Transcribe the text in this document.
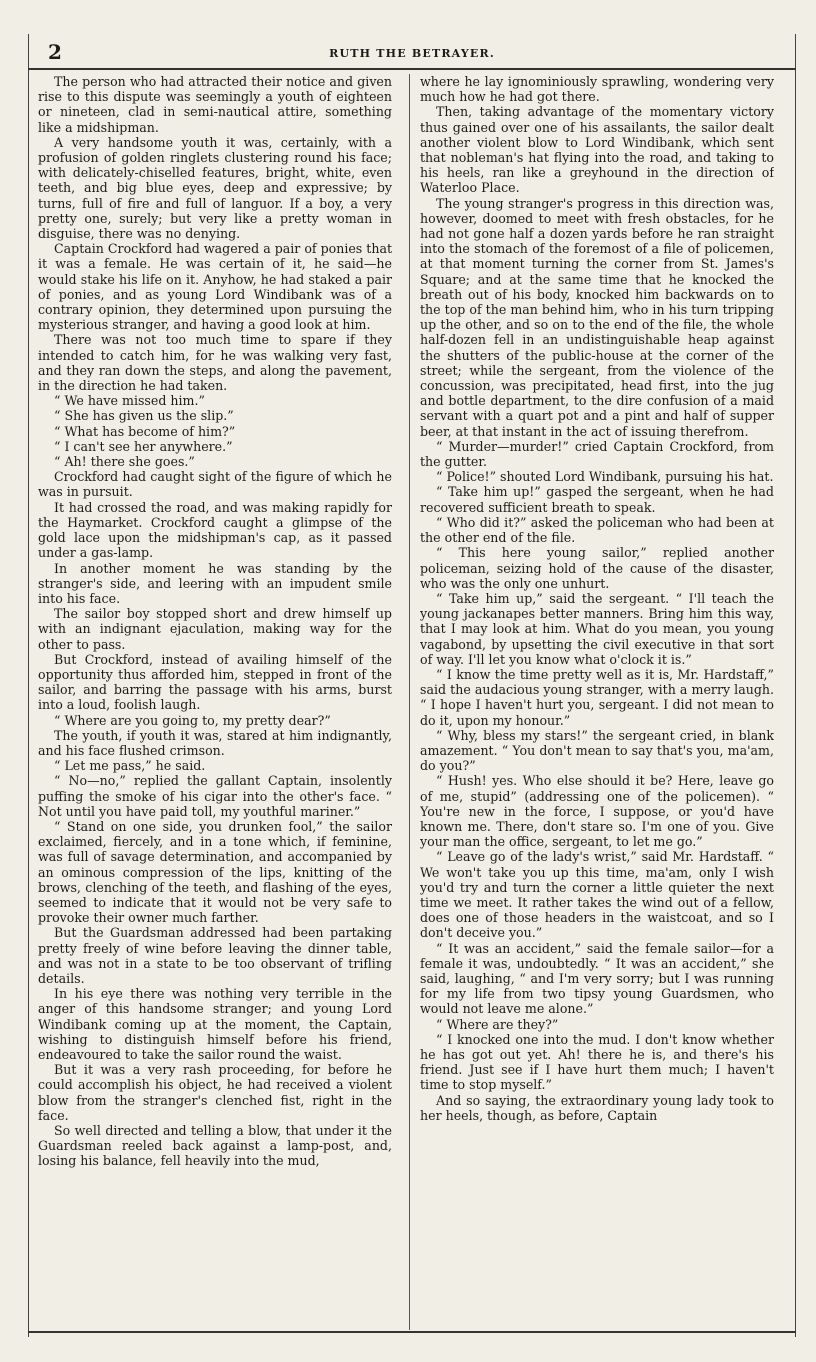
2	RUTH THE BETRAYER.

The person who had attracted their notice and given rise to this dispute was seemingly a youth of eighteen or nineteen, clad in semi-nautical attire, something like a midshipman.

A very handsome youth it was, certainly, with a profusion of golden ringlets clustering round his face; with delicately-chiselled features, bright, white, even teeth, and big blue eyes, deep and expressive; by turns, full of fire and full of languor. If a boy, a very pretty one, surely; but very like a pretty woman in disguise, there was no denying.

Captain Crockford had wagered a pair of ponies that it was a female. He was certain of it, he said—he would stake his life on it. Anyhow, he had staked a pair of ponies, and as young Lord Windibank was of a contrary opinion, they determined upon pursuing the mysterious stranger, and having a good look at him.

There was not too much time to spare if they intended to catch him, for he was walking very fast, and they ran down the steps, and along the pavement, in the direction he had taken.

“ We have missed him.”

“ She has given us the slip.”

“ What has become of him?”

“ I can't see her anywhere.”

“ Ah! there she goes.”

Crockford had caught sight of the figure of which he was in pursuit.

It had crossed the road, and was making rapidly for the Haymarket. Crockford caught a glimpse of the gold lace upon the midshipman's cap, as it passed under a gas-lamp.

In another moment he was standing by the stranger's side, and leering with an impudent smile into his face.

The sailor boy stopped short and drew himself up with an indignant ejaculation, making way for the other to pass.

But Crockford, instead of availing himself of the opportunity thus afforded him, stepped in front of the sailor, and barring the passage with his arms, burst into a loud, foolish laugh.

“ Where are you going to, my pretty dear?”

The youth, if youth it was, stared at him indignantly, and his face flushed crimson.

“ Let me pass,” he said.

“ No—no,” replied the gallant Captain, insolently puffing the smoke of his cigar into the other's face. “ Not until you have paid toll, my youthful mariner.”

“ Stand on one side, you drunken fool,” the sailor exclaimed, fiercely, and in a tone which, if feminine, was full of savage determination, and accompanied by an ominous compression of the lips, knitting of the brows, clenching of the teeth, and flashing of the eyes, seemed to indicate that it would not be very safe to provoke their owner much farther.

But the Guardsman addressed had been partaking pretty freely of wine before leaving the dinner table, and was not in a state to be too observant of trifling details.

In his eye there was nothing very terrible in the anger of this handsome stranger; and young Lord Windibank coming up at the moment, the Captain, wishing to distinguish himself before his friend, endeavoured to take the sailor round the waist.

But it was a very rash proceeding, for before he could accomplish his object, he had received a violent blow from the stranger's clenched fist, right in the face.

So well directed and telling a blow, that under it the Guardsman reeled back against a lamp-post, and, losing his balance, fell heavily into the mud,

where he lay ignominiously sprawling, wondering very much how he had got there.

Then, taking advantage of the momentary victory thus gained over one of his assailants, the sailor dealt another violent blow to Lord Windibank, which sent that nobleman's hat flying into the road, and taking to his heels, ran like a greyhound in the direction of Waterloo Place.

The young stranger's progress in this direction was, however, doomed to meet with fresh obstacles, for he had not gone half a dozen yards before he ran straight into the stomach of the foremost of a file of policemen, at that moment turning the corner from St. James's Square; and at the same time that he knocked the breath out of his body, knocked him backwards on to the top of the man behind him, who in his turn tripping up the other, and so on to the end of the file, the whole half-dozen fell in an undistinguishable heap against the shutters of the public-house at the corner of the street; while the sergeant, from the violence of the concussion, was precipitated, head first, into the jug and bottle department, to the dire confusion of a maid servant with a quart pot and a pint and half of supper beer, at that instant in the act of issuing therefrom.

“ Murder—murder!” cried Captain Crockford, from the gutter.

“ Police!” shouted Lord Windibank, pursuing his hat.

“ Take him up!” gasped the sergeant, when he had recovered sufficient breath to speak.

“ Who did it?” asked the policeman who had been at the other end of the file.

“ This here young sailor,” replied another policeman, seizing hold of the cause of the disaster, who was the only one unhurt.

“ Take him up,” said the sergeant. “ I'll teach the young jackanapes better manners. Bring him this way, that I may look at him. What do you mean, you young vagabond, by upsetting the civil executive in that sort of way. I'll let you know what o'clock it is.”

“ I know the time pretty well as it is, Mr. Hardstaff,” said the audacious young stranger, with a merry laugh. “ I hope I haven't hurt you, sergeant. I did not mean to do it, upon my honour.”

“ Why, bless my stars!” the sergeant cried, in blank amazement. “ You don't mean to say that's you, ma'am, do you?”

“ Hush! yes. Who else should it be? Here, leave go of me, stupid” (addressing one of the policemen). “ You're new in the force, I suppose, or you'd have known me. There, don't stare so. I'm one of you. Give your man the office, sergeant, to let me go.”

“ Leave go of the lady's wrist,” said Mr. Hardstaff. “ We won't take you up this time, ma'am, only I wish you'd try and turn the corner a little quieter the next time we meet. It rather takes the wind out of a fellow, does one of those headers in the waistcoat, and so I don't deceive you.”

“ It was an accident,” said the female sailor—for a female it was, undoubtedly. “ It was an accident,” she said, laughing, “ and I'm very sorry; but I was running for my life from two tipsy young Guardsmen, who would not leave me alone.”

“ Where are they?”

“ I knocked one into the mud. I don't know whether he has got out yet. Ah! there he is, and there's his friend. Just see if I have hurt them much; I haven't time to stop myself.”

And so saying, the extraordinary young lady took to her heels, though, as before, Captain
